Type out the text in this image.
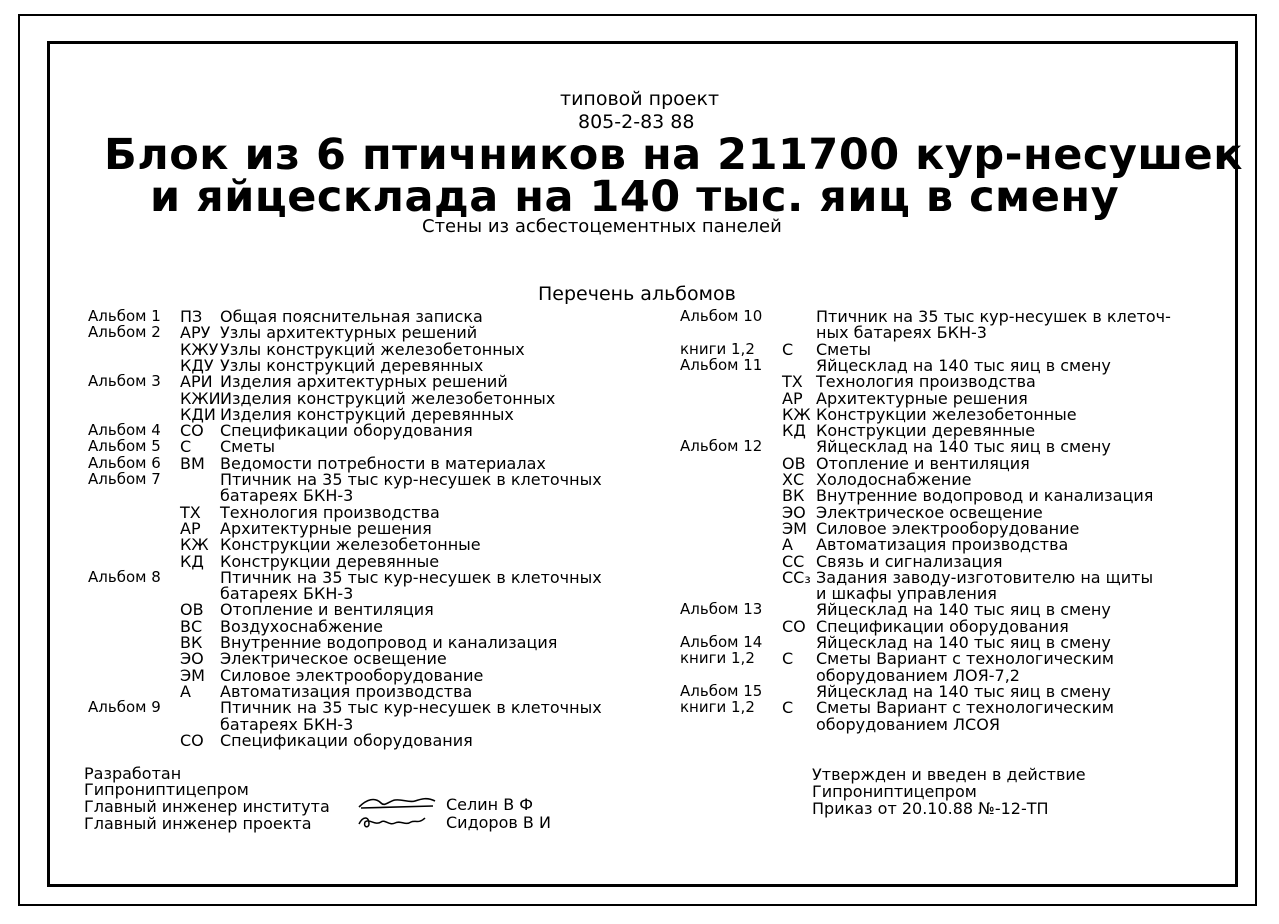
типовой проект
805-2-83 88
Блок из 6 птичников на 211700 кур-несушек
и яйцесклада на 140 тыс. яиц в смену
Стены из асбестоцементных панелей
Перечень альбомов
Альбом 1 ПЗ Общая пояснительная записка
Альбом 2 АРУ Узлы архитектурных решений
КЖУ Узлы конструкций железобетонных
КДУ Узлы конструкций деревянных
Альбом 3 АРИ Изделия архитектурных решений
КЖИ Изделия конструкций железобетонных
КДИ Изделия конструкций деревянных
Альбом 4 СО Спецификации оборудования
Альбом 5 С Сметы
Альбом 6 ВМ Ведомости потребности в материалах
Альбом 7	Птичник на 35 тыс кур-несушек в клеточных
батареях БКН-3
ТХ Технология производства
АР Архитектурные решения
КЖ Конструкции железобетонные
КД Конструкции деревянные
Альбом 8	Птичник на 35 тыс кур-несушек в клеточных
батареях БКН-3
ОВ Отопление и вентиляция
ВС Воздухоснабжение
ВК Внутренние водопровод и канализация
ЭО Электрическое освещение
ЭМ Силовое электрооборудование
А Автоматизация производства
Альбом 9	Птичник на 35 тыс кур-несушек в клеточных
батареях БКН-3
СО Спецификации оборудования
Альбом 10	Птичник на 35 тыс кур-несушек в клеточ-
ных батареях БКН-3
книги 1,2 С Сметы
Альбом 11	Яйцесклад на 140 тыс яиц в смену
ТХ Технология производства
АР Архитектурные решения
КЖ Конструкции железобетонные
КД Конструкции деревянные
Альбом 12	Яйцесклад на 140 тыс яиц в смену
ОВ Отопление и вентиляция
ХС Холодоснабжение
ВК Внутренние водопровод и канализация
ЭО Электрическое освещение
ЭМ Силовое электрооборудование
А Автоматизация производства
СС Связь и сигнализация
СС₃ Задания заводу-изготовителю на щиты
и шкафы управления
Альбом 13	Яйцесклад на 140 тыс яиц в смену
СО Спецификации оборудования
Альбом 14	Яйцесклад на 140 тыс яиц в смену
книги 1,2 С Сметы Вариант с технологическим
оборудованием ЛОЯ-7,2
Альбом 15	Яйцесклад на 140 тыс яиц в смену
книги 1,2 С Сметы Вариант с технологическим
оборудованием ЛСОЯ
Разработан
Гипрониптицепром
Главный инженер института	Селин В Ф
Главный инженер проекта	Сидоров В И
Утвержден и введен в действие
Гипрониптицепром
Приказ от 20.10.88 №-12-ТП
